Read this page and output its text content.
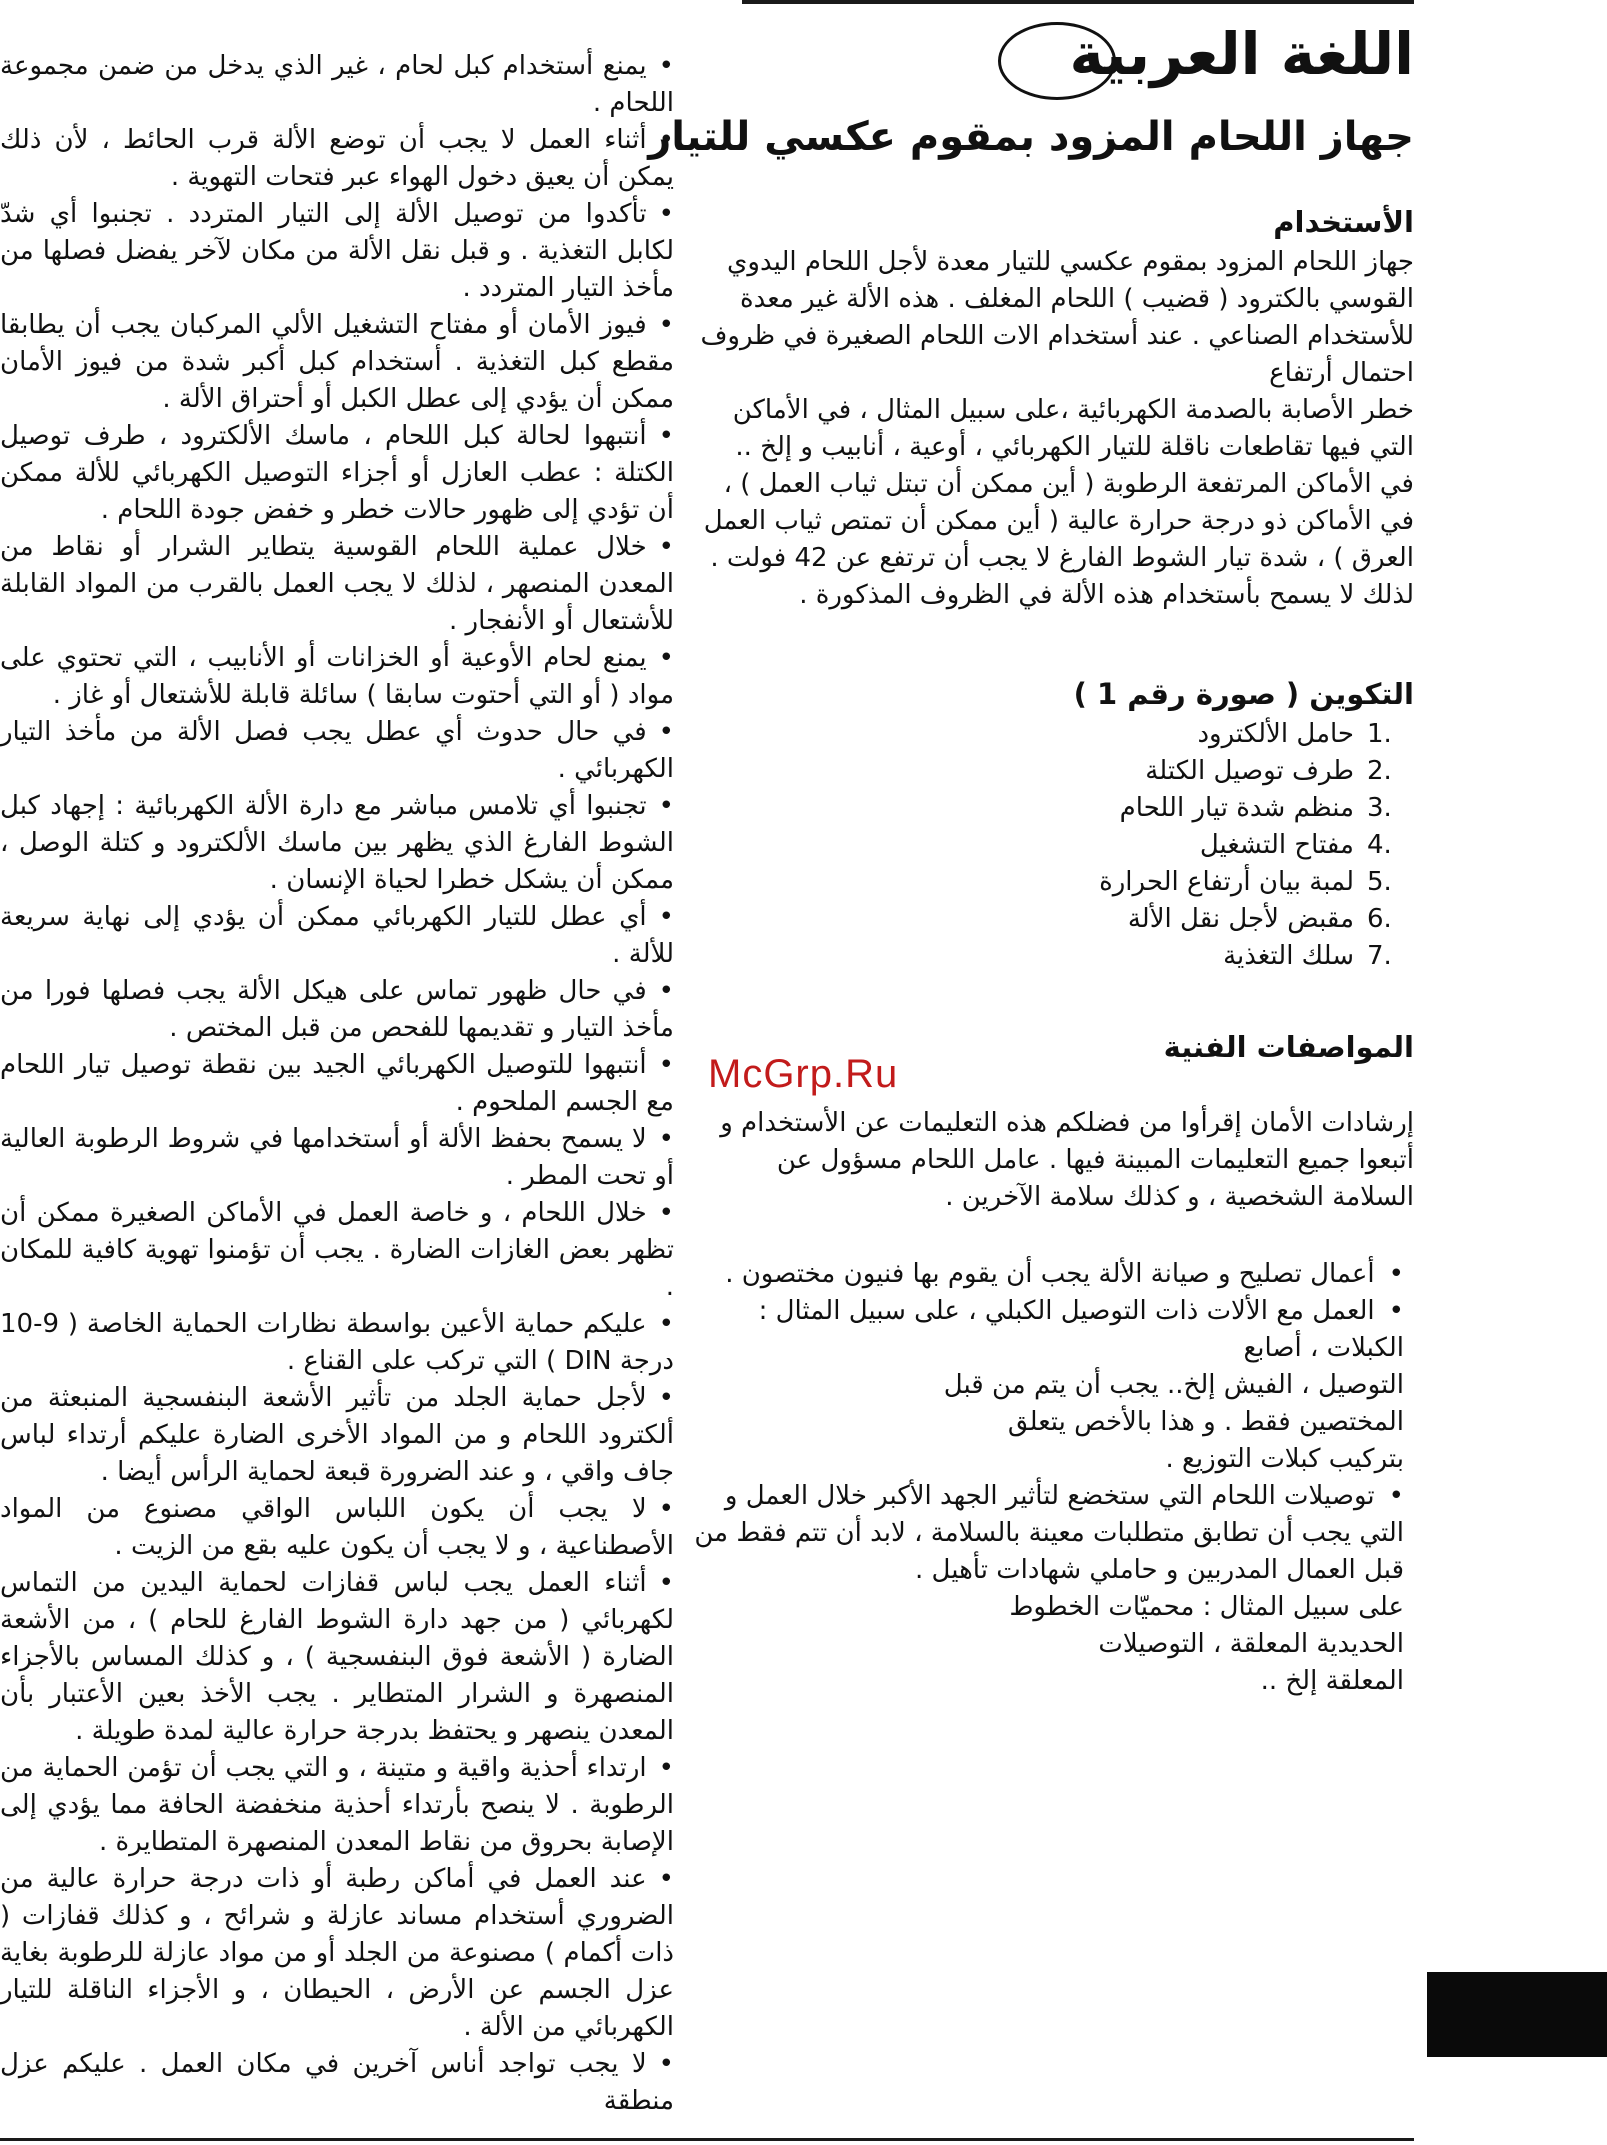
اللغة العربية
جهاز اللحام المزود بمقوم عكسي للتيار
الأستخدام

جهاز اللحام المزود بمقوم عكسي للتيار معدة لأجل اللحام اليدوي
القوسي بالكترود ( قضيب ) اللحام المغلف . هذه الألة غير معدة
للأستخدام الصناعي . عند أستخدام الات اللحام الصغيرة في ظروف
احتمال أرتفاع

خطر الأصابة بالصدمة الكهربائية ،على سبيل المثال ، في الأماكن
التي فيها تقاطعات ناقلة للتيار الكهربائي ، أوعية ، أنابيب و إلخ ..
في الأماكن المرتفعة الرطوبة ( أين ممكن أن تبتل ثياب العمل ) ،
في الأماكن ذو درجة حرارة عالية ( أين ممكن أن تمتص ثياب العمل
العرق ) ، شدة تيار الشوط الفارغ لا يجب أن ترتفع عن 42 فولت .
لذلك لا يسمح بأستخدام هذه الألة في الظروف المذكورة .

التكوين ( صورة رقم 1 )
1.
حامل الألكترود
2.
طرف توصيل الكتلة
3.
منظم شدة تيار اللحام
4.
مفتاح التشغيل
5.
لمبة بيان أرتفاع الحرارة
6.
مقبض لأجل نقل الألة
7.
سلك التغذية
المواصفات الفنية

إرشادات الأمان إقرأوا من فضلكم هذه التعليمات عن الأستخدام و
أتبعوا جميع التعليمات المبينة فيها . عامل اللحام مسؤول عن
السلامة الشخصية ، و كذلك سلامة الآخرين .

• أعمال تصليح و صيانة الألة يجب أن يقوم بها فنيون مختصون .
• العمل مع الألات ذات التوصيل الكبلي ، على سبيل المثال :
الكبلات ، أصابع
التوصيل ، الفيش إلخ.. يجب أن يتم من قبل
المختصين فقط . و هذا بالأخص يتعلق
بتركيب كبلات التوزيع .
• توصيلات اللحام التي ستخضع لتأثير الجهد الأكبر خلال العمل و
التي يجب أن تطابق متطلبات معينة بالسلامة ، لابد أن تتم فقط من
قبل العمال المدربين و حاملي شهادات تأهيل .
على سبيل المثال : محميّات الخطوط
الحديدية المعلقة ، التوصيلات
المعلقة إلخ ..
• يمنع أستخدام كبل لحام ، غير الذي يدخل من ضمن مجموعة اللحام .
• أثناء العمل لا يجب أن توضع الألة قرب الحائط ، لأن ذلك يمكن أن يعيق دخول الهواء عبر فتحات التهوية .
• تأكدوا من توصيل الألة إلى التيار المتردد . تجنبوا أي شدّ لكابل التغذية . و قبل نقل الألة من مكان لآخر يفضل فصلها من مأخذ التيار المتردد .
• فيوز الأمان أو مفتاح التشغيل الألي المركبان يجب أن يطابقا مقطع كبل التغذية . أستخدام كبل أكبر شدة من فيوز الأمان ممكن أن يؤدي إلى عطل الكبل أو أحتراق الألة .
• أنتبهوا لحالة كبل اللحام ، ماسك الألكترود ، طرف توصيل الكتلة : عطب العازل أو أجزاء التوصيل الكهربائي للألة ممكن أن تؤدي إلى ظهور حالات خطر و خفض جودة اللحام .
• خلال عملية اللحام القوسية يتطاير الشرار أو نقاط من المعدن المنصهر ، لذلك لا يجب العمل بالقرب من المواد القابلة للأشتعال أو الأنفجار .
• يمنع لحام الأوعية أو الخزانات أو الأنابيب ، التي تحتوي على مواد ( أو التي أحتوت سابقا ) سائلة قابلة للأشتعال أو غاز .
• في حال حدوث أي عطل يجب فصل الألة من مأخذ التيار الكهربائي .
• تجنبوا أي تلامس مباشر مع دارة الألة الكهربائية : إجهاد كبل الشوط الفارغ الذي يظهر بين ماسك الألكترود و كتلة الوصل ، ممكن أن يشكل خطرا لحياة الإنسان .
• أي عطل للتيار الكهربائي ممكن أن يؤدي إلى نهاية سريعة للألة .
• في حال ظهور تماس على هيكل الألة يجب فصلها فورا من مأخذ التيار و تقديمها للفحص من قبل المختص .
• أنتبهوا للتوصيل الكهربائي الجيد بين نقطة توصيل تيار اللحام مع الجسم الملحوم .
• لا يسمح بحفظ الألة أو أستخدامها في شروط الرطوبة العالية أو تحت المطر .
• خلال اللحام ، و خاصة العمل في الأماكن الصغيرة ممكن أن تظهر بعض الغازات الضارة . يجب أن تؤمنوا تهوية كافية للمكان .
• عليكم حماية الأعين بواسطة نظارات الحماية الخاصة ( 9-10 درجة DIN ) التي تركب على القناع .
• لأجل حماية الجلد من تأثير الأشعة البنفسجية المنبعثة من ألكترود اللحام و من المواد الأخرى الضارة عليكم أرتداء لباس جاف واقي ، و عند الضرورة قبعة لحماية الرأس أيضا .
• لا يجب أن يكون اللباس الواقي مصنوع من المواد الأصطناعية ، و لا يجب أن يكون عليه بقع من الزيت .
• أثناء العمل يجب لباس قفازات لحماية اليدين من التماس لكهربائي ( من جهد دارة الشوط الفارغ للحام ) ، من الأشعة الضارة ( الأشعة فوق البنفسجية ) ، و كذلك المساس بالأجزاء المنصهرة و الشرار المتطاير . يجب الأخذ بعين الأعتبار بأن المعدن ينصهر و يحتفظ بدرجة حرارة عالية لمدة طويلة .
• ارتداء أحذية واقية و متينة ، و التي يجب أن تؤمن الحماية من الرطوبة . لا ينصح بأرتداء أحذية منخفضة الحافة مما يؤدي إلى الإصابة بحروق من نقاط المعدن المنصهرة المتطايرة .
• عند العمل في أماكن رطبة أو ذات درجة حرارة عالية من الضروري أستخدام مساند عازلة و شرائح ، و كذلك قفازات ( ذات أكمام ) مصنوعة من الجلد أو من مواد عازلة للرطوبة بغاية عزل الجسم عن الأرض ، الحيطان ، و الأجزاء الناقلة للتيار الكهربائي من الألة .
• لا يجب تواجد أناس آخرين في مكان العمل . عليكم عزل منطقة
McGrp.Ru
